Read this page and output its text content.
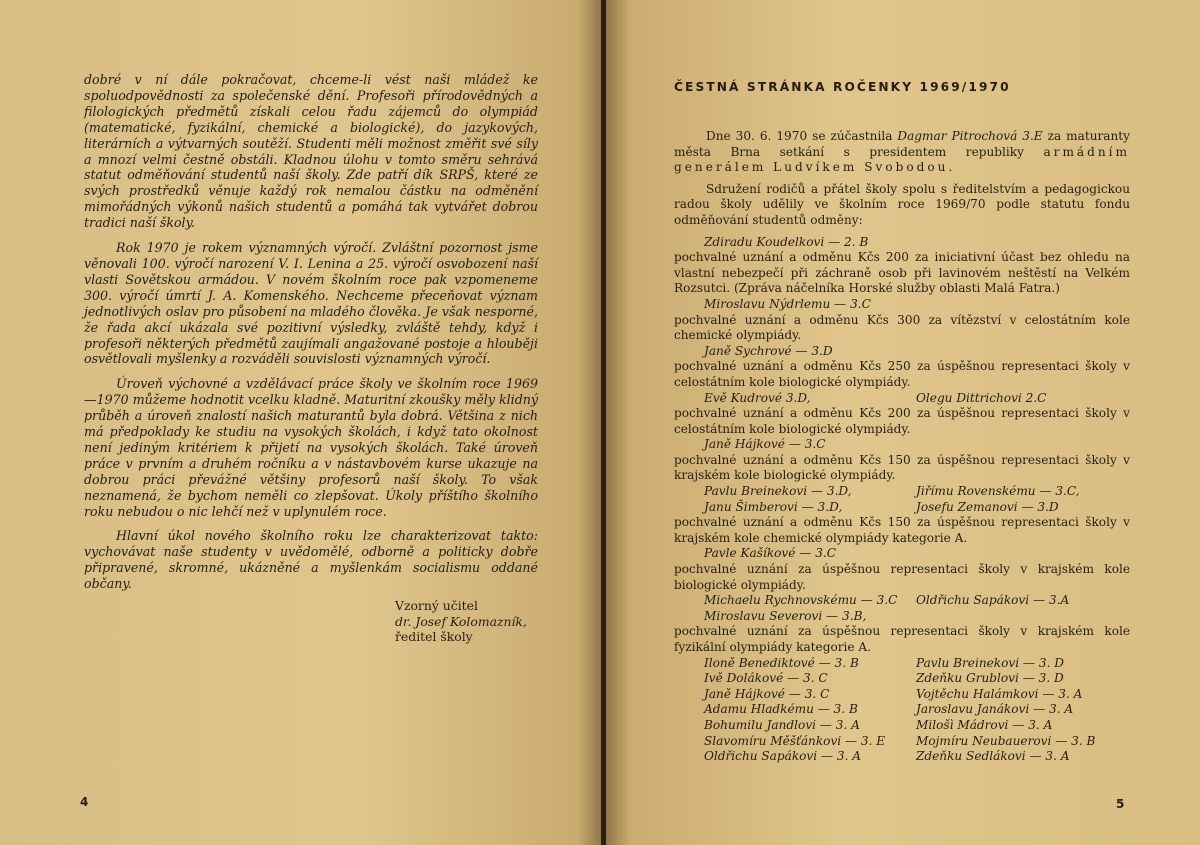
dobré v ní dále pokračovat, chceme-li vést naši mládež ke spoluodpovědnosti za společenské dění. Profesoři přírodovědných a filologických předmětů získali celou řadu zájemců do olympiád (matematické, fyzikální, chemické a biologické), do jazykových, literárních a výtvarných soutěží. Studenti měli možnost změřit své síly a mnozí velmi čestně obstáli. Kladnou úlohu v tomto směru sehrává statut odměňování studentů naší školy. Zde patří dík SRPŠ, které ze svých prostředků věnuje každý rok nemalou částku na odměnění mimořádných výkonů našich studentů a pomáhá tak vytvářet dobrou tradici naší školy.

Rok 1970 je rokem významných výročí. Zvláštní pozornost jsme věnovali 100. výročí narození V. I. Lenina a 25. výročí osvobození naší vlasti Sovětskou armádou. V novém školním roce pak vzpomeneme 300. výročí úmrtí J. A. Komenského. Nechceme přeceňovat význam jednotlivých oslav pro působení na mladého člověka. Je však nesporné, že řada akcí ukázala své pozitivní výsledky, zvláště tehdy, když i profesoři některých předmětů zaujímali angažované postoje a hlouběji osvětlovali myšlenky a rozváděli souvislosti významných výročí.

Úroveň výchovné a vzdělávací práce školy ve školním roce 1969—1970 můžeme hodnotit vcelku kladně. Maturitní zkoušky měly klidný průběh a úroveň znalostí našich maturantů byla dobrá. Většina z nich má předpoklady ke studiu na vysokých školách, i když tato okolnost není jediným kritériem k přijetí na vysokých školách. Také úroveň práce v prvním a druhém ročníku a v nástavbovém kurse ukazuje na dobrou práci převážné většiny profesorů naší školy. To však neznamená, že bychom neměli co zlepšovat. Úkoly příštího školního roku nebudou o nic lehčí než v uplynulém roce.

Hlavní úkol nového školního roku lze charakterizovat takto: vychovávat naše studenty v uvědomělé, odborně a politicky dobře připravené, skromné, ukázněné a myšlenkám socialismu oddané občany.

Vzorný učitel
dr. Josef Kolomazník,
ředitel školy
4
ČESTNÁ STRÁNKA ROČENKY 1969/1970

Dne 30. 6. 1970 se zúčastnila Dagmar Pitrochová 3.E za maturanty města Brna setkání s presidentem republiky armádním generálem Ludvíkem Svobodou.

Sdružení rodičů a přátel školy spolu s ředitelstvím a pedagogickou radou školy udělily ve školním roce 1969/70 podle statutu fondu odměňování studentů odměny:

Zdiradu Koudelkovi — 2. B

pochvalné uznání a odměnu Kčs 200 za iniciativní účast bez ohledu na vlastní nebezpečí při záchraně osob při lavinovém neštěstí na Velkém Rozsutci. (Zpráva náčelníka Horské služby oblasti Malá Fatra.)

Miroslavu Nýdrlemu — 3.C

pochvalné uznání a odměnu Kčs 300 za vítězství v celostátním kole chemické olympiády.

Janě Sychrové — 3.D

pochvalné uznání a odměnu Kčs 250 za úspěšnou representaci školy v celostátním kole biologické olympiády.

Evě Kudrové 3.D,	Olegu Dittrichovi 2.C

pochvalné uznání a odměnu Kčs 200 za úspěšnou representaci školy v celostátním kole biologické olympiády.

Janě Hájkové — 3.C

pochvalné uznání a odměnu Kčs 150 za úspěšnou representaci školy v krajském kole biologické olympiády.

Pavlu Breinekovi — 3.D,	Jiřímu Rovenskému — 3.C,
Janu Šimberovi — 3.D,	Josefu Zemanovi — 3.D

pochvalné uznání a odměnu Kčs 150 za úspěšnou representaci školy v krajském kole chemické olympiády kategorie A.

Pavle Kašíkové — 3.C

pochvalné uznání za úspěšnou representaci školy v krajském kole biologické olympiády.

Michaelu Rychnovskému — 3.C	Oldřichu Sapákovi — 3.A
Miroslavu Severovi — 3.B,

pochvalné uznání za úspěšnou representaci školy v krajském kole fyzikální olympiády kategorie A.

Iloně Benediktové — 3. B	Pavlu Breinekovi — 3. D
Ivě Dolákové — 3. C	Zdeňku Grublovi — 3. D
Janě Hájkové — 3. C	Vojtěchu Halámkovi — 3. A
Adamu Hladkému — 3. B	Jaroslavu Janákovi — 3. A
Bohumilu Jandlovi — 3. A	Milošì Mádrovi — 3. A
Slavomíru Měšťánkovi — 3. E	Mojmíru Neubauerovi — 3. B
Oldřichu Sapákovi — 3. A	Zdeňku Sedlákovi — 3. A
5
